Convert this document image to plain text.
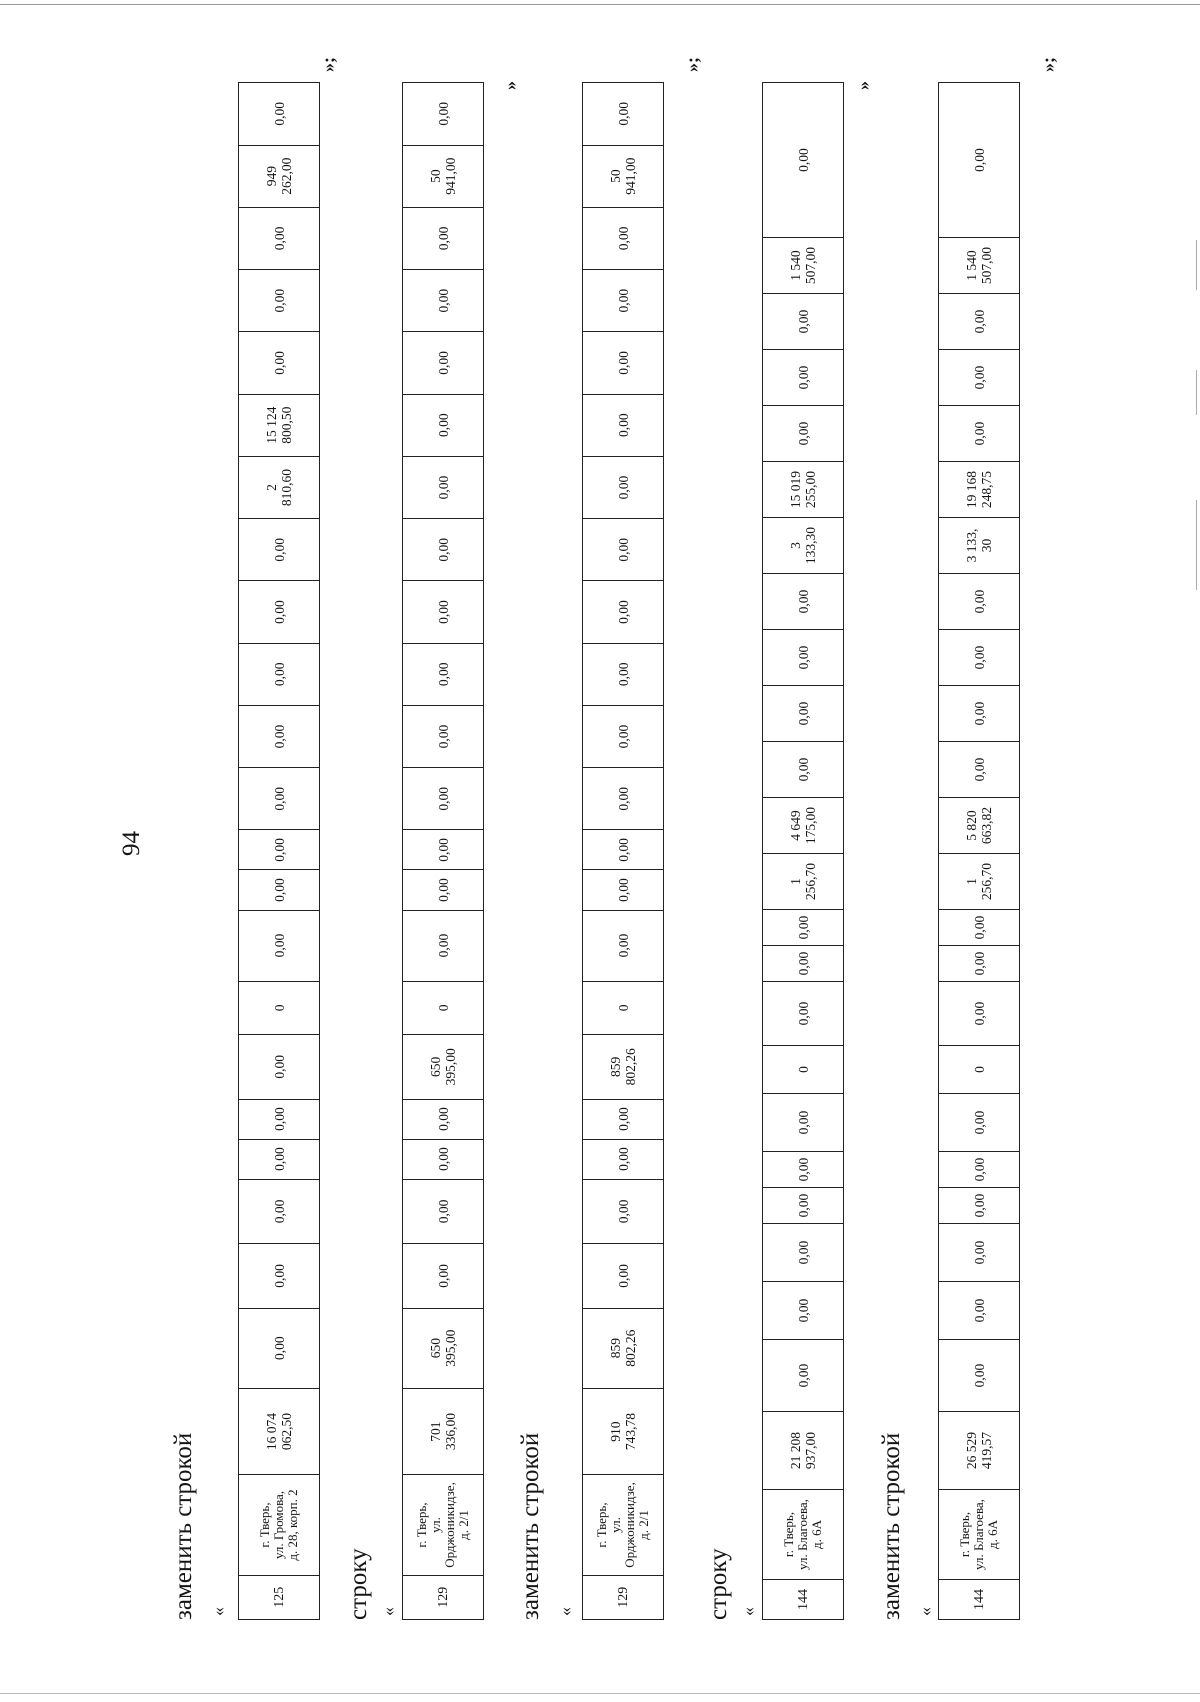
94
заменить строкой «
125	г. Тверь,
ул. Громова,
д. 28, корп. 2	16 074
062,50	0,00	0,00	0,00	0,00	0,00	0,00	0	0,00	0,00	0,00	0,00	0,00	0,00	0,00	0,00	2
810,60	15 124
800,50	0,00	0,00	0,00	949
262,00	0,00
»;
строку «
129	г. Тверь,
ул. Орджоникидзе,
д. 2/1	701
336,00	650
395,00	0,00	0,00	0,00	0,00	650
395,00	0	0,00	0,00	0,00	0,00	0,00	0,00	0,00	0,00	0,00	0,00	0,00	0,00	0,00	50
941,00	0,00
»
заменить строкой «
129	г. Тверь,
ул. Орджоникидзе,
д. 2/1	910
743,78	859
802,26	0,00	0,00	0,00	0,00	859
802,26	0	0,00	0,00	0,00	0,00	0,00	0,00	0,00	0,00	0,00	0,00	0,00	0,00	0,00	50
941,00	0,00
»;
строку «
144	г. Тверь,
ул. Благоева,
д. 6А	21 208
937,00	0,00	0,00	0,00	0,00	0,00	0,00	0	0,00	0,00	0,00	1
256,70	4 649
175,00	0,00	0,00	0,00	0,00	3
133,30	15 019
255,00	0,00	0,00	0,00	1 540
507,00	0,00
»
заменить строкой «
144	г. Тверь,
ул. Благоева,
д. 6А	26 529
419,57	0,00	0,00	0,00	0,00	0,00	0,00	0	0,00	0,00	0,00	1
256,70	5 820
663,82	0,00	0,00	0,00	0,00	3 133,
30	19 168
248,75	0,00	0,00	0,00	1 540
507,00	0,00
»;
